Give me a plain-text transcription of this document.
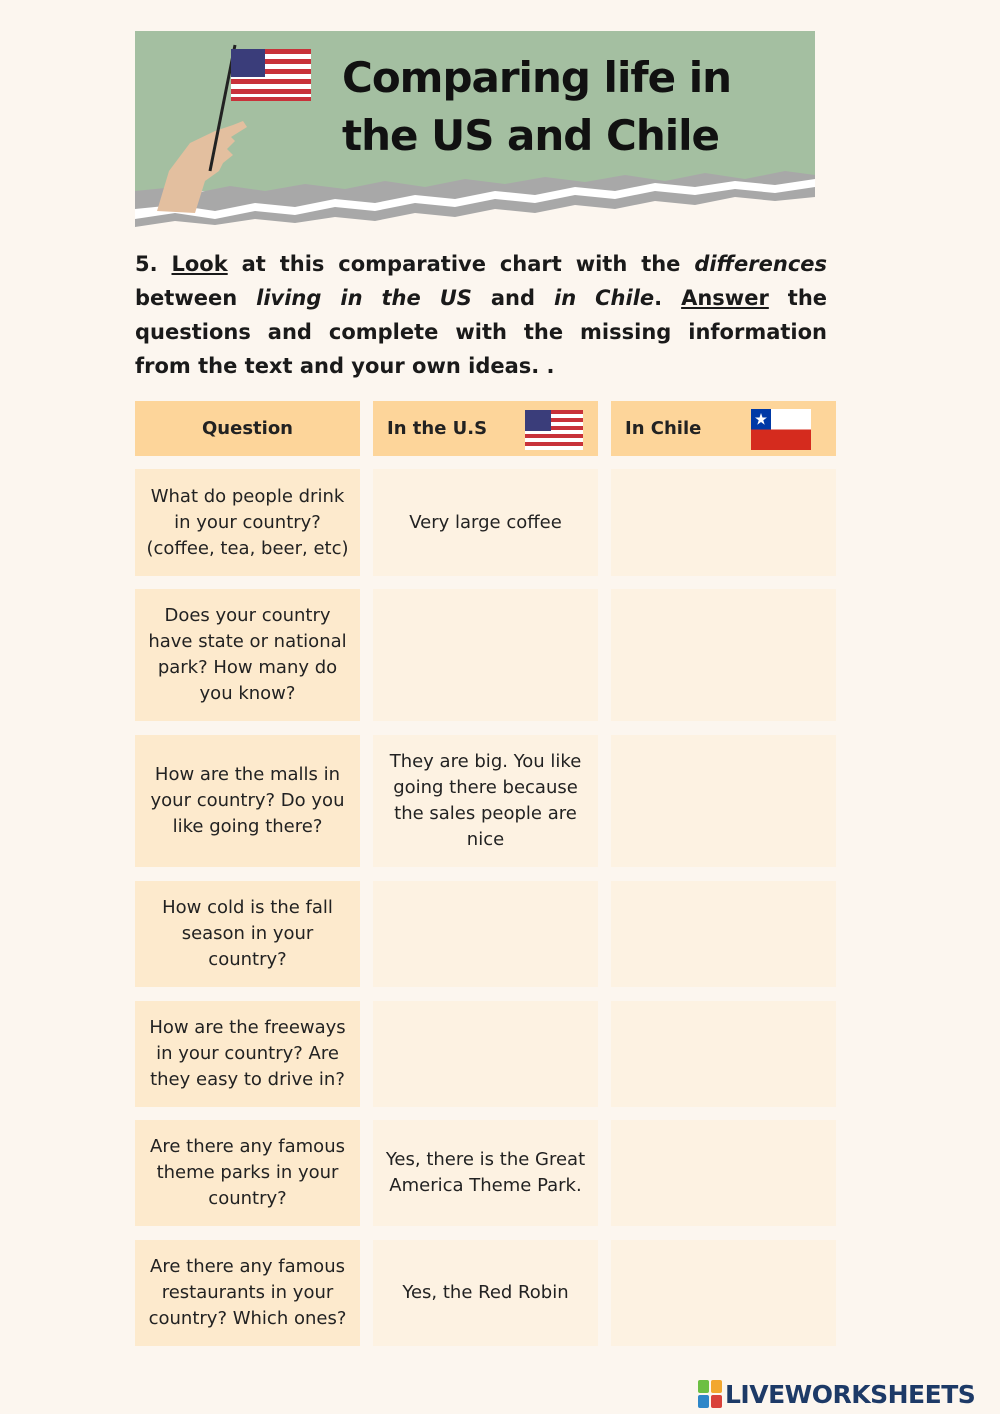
Comparing life in
the US and Chile

5. Look at this comparative chart with the differences between living in the US and in Chile. Answer the questions and complete with the missing information from the text and your own ideas. .

Question	In the U.S	In Chile
What do people drink in your country? (coffee, tea, beer, etc)
Very large coffee
Does your country have state or national park? How many do you know?
How are the malls in your country? Do you like going there?
They are big. You like going there because the sales people are nice
How cold is the fall season in your country?
How are the freeways in your country? Are they easy to drive in?
Are there any famous theme parks in your country?
Yes, there is the Great America Theme Park.
Are there any famous restaurants in your country? Which ones?
Yes, the Red Robin
LIVEWORKSHEETS
